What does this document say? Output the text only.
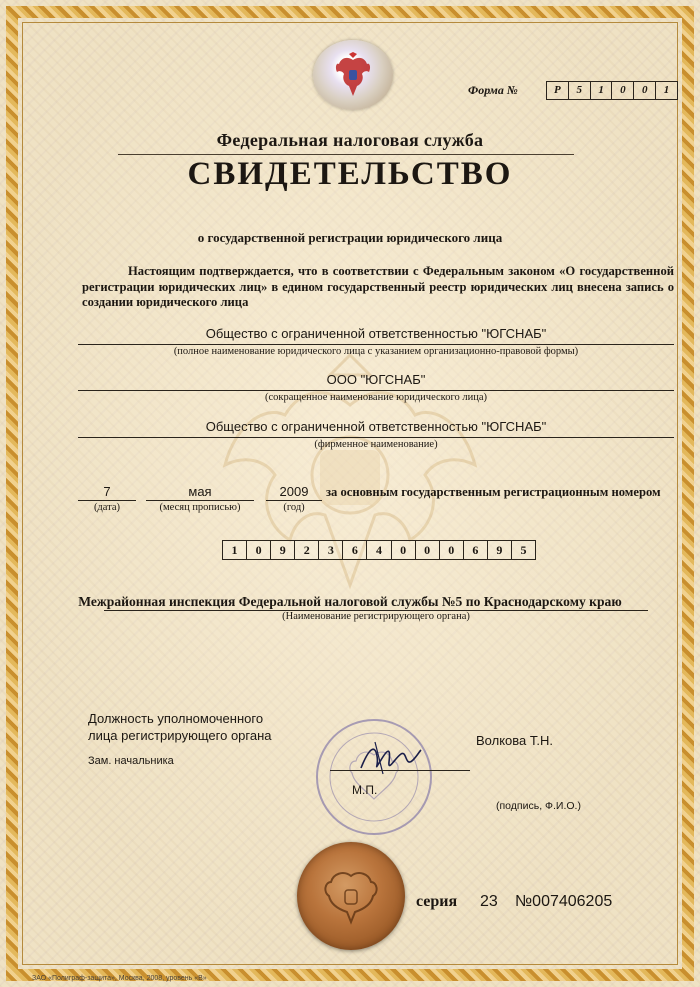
Форма №	Р	5	1	0	0	1
Федеральная налоговая служба
СВИДЕТЕЛЬСТВО
о государственной регистрации юридического лица
Настоящим подтверждается, что в соответствии с Федеральным законом «О государственной регистрации юридических лиц» в едином государственный реестр юридических лиц внесена запись о создании юридического лица
Общество с ограниченной ответственностью "ЮГСНАБ"
(полное наименование юридического лица с указанием организационно-правовой формы)
ООО "ЮГСНАБ"
(сокращенное наименование юридического лица)
Общество с ограниченной ответственностью "ЮГСНАБ"
(фирменное наименование)
7
(дата)
мая
(месяц прописью)
2009
(год)
за основным государственным регистрационным номером
1	0	9	2	3	6	4	0	0	0	6	9	5
Межрайонная инспекция Федеральной налоговой службы №5 по Краснодарскому краю
(Наименование регистрирующего органа)
Должность уполномоченного
лица регистрирующего органа
Зам. начальника
Волкова Т.Н.
М.П.
(подпись, Ф.И.О.)
серия 23 №007406205
ЗАО «Полиграф-защита», Москва, 2008, уровень «В»
